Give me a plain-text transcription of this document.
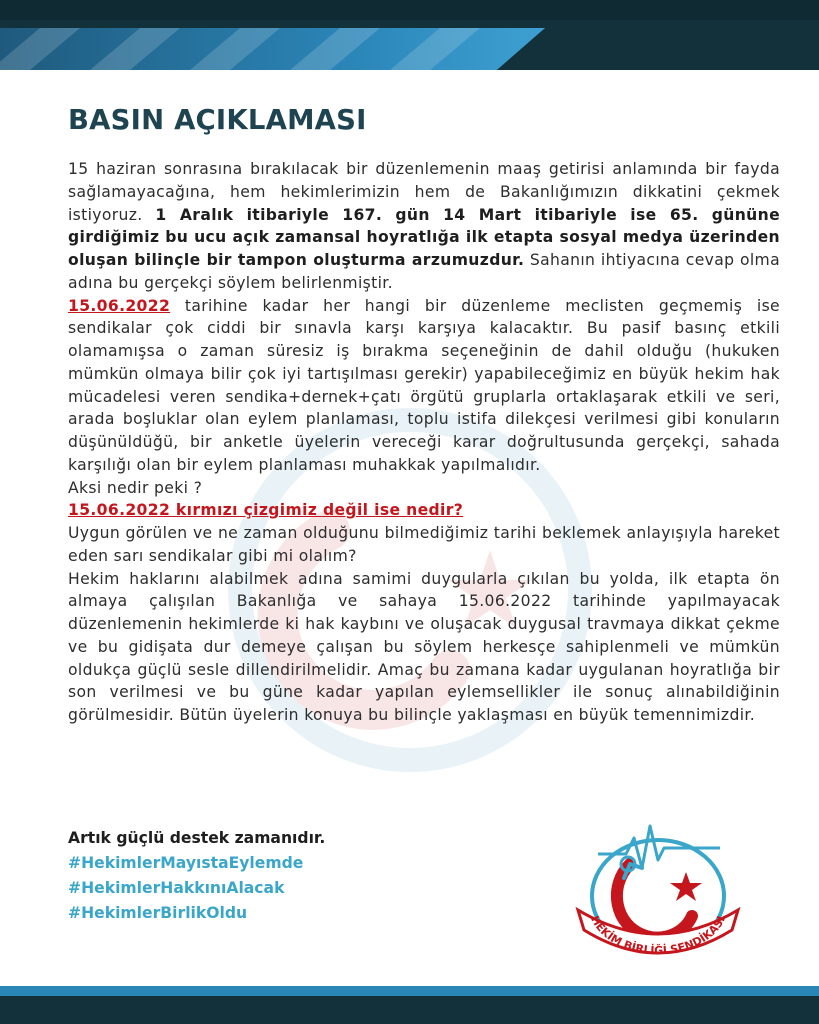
BASIN AÇIKLAMASI

15 haziran sonrasına bırakılacak bir düzenlemenin maaş getirisi anlamında bir fayda sağlamayacağına, hem hekimlerimizin hem de Bakanlığımızın dikkatini çekmek istiyoruz. 1 Aralık itibariyle 167. gün 14 Mart itibariyle ise 65. gününe girdiğimiz bu ucu açık zamansal hoyratlığa ilk etapta sosyal medya üzerinden oluşan bilinçle bir tampon oluşturma arzumuzdur. Sahanın ihtiyacına cevap olma adına bu gerçekçi söylem belirlenmiştir.

15.06.2022 tarihine kadar her hangi bir düzenleme meclisten geçmemiş ise sendikalar çok ciddi bir sınavla karşı karşıya kalacaktır. Bu pasif basınç etkili olamamışsa o zaman süresiz iş bırakma seçeneğinin de dahil olduğu (hukuken mümkün olmaya bilir çok iyi tartışılması gerekir) yapabileceğimiz en büyük hekim hak mücadelesi veren sendika+dernek+çatı örgütü gruplarla ortaklaşarak etkili ve seri, arada boşluklar olan eylem planlaması, toplu istifa dilekçesi verilmesi gibi konuların düşünüldüğü, bir anketle üyelerin vereceği karar doğrultusunda gerçekçi, sahada karşılığı olan bir eylem planlaması muhakkak yapılmalıdır.

Aksi nedir peki ?

15.06.2022 kırmızı çizgimiz değil ise nedir?

Uygun görülen ve ne zaman olduğunu bilmediğimiz tarihi beklemek anlayışıyla hareket eden sarı sendikalar gibi mi olalım?

Hekim haklarını alabilmek adına samimi duygularla çıkılan bu yolda, ilk etapta ön almaya çalışılan Bakanlığa ve sahaya 15.06.2022 tarihinde yapılmayacak düzenlemenin hekimlerde ki hak kaybını ve oluşacak duygusal travmaya dikkat çekme ve bu gidişata dur demeye çalışan bu söylem herkesçe sahiplenmeli ve mümkün oldukça güçlü sesle dillendirilmelidir. Amaç bu zamana kadar uygulanan hoyratlığa bir son verilmesi ve bu güne kadar yapılan eylemsellikler ile sonuç alınabildiğinin görülmesidir. Bütün üyelerin konuya bu bilinçle yaklaşması en büyük temennimizdir.

Artık güçlü destek zamanıdır.
#HekimlerMayıstaEylemde
#HekimlerHakkınıAlacak
#HekimlerBirlikOldu	HEKİM BİRLİĞİ SENDİKASI
